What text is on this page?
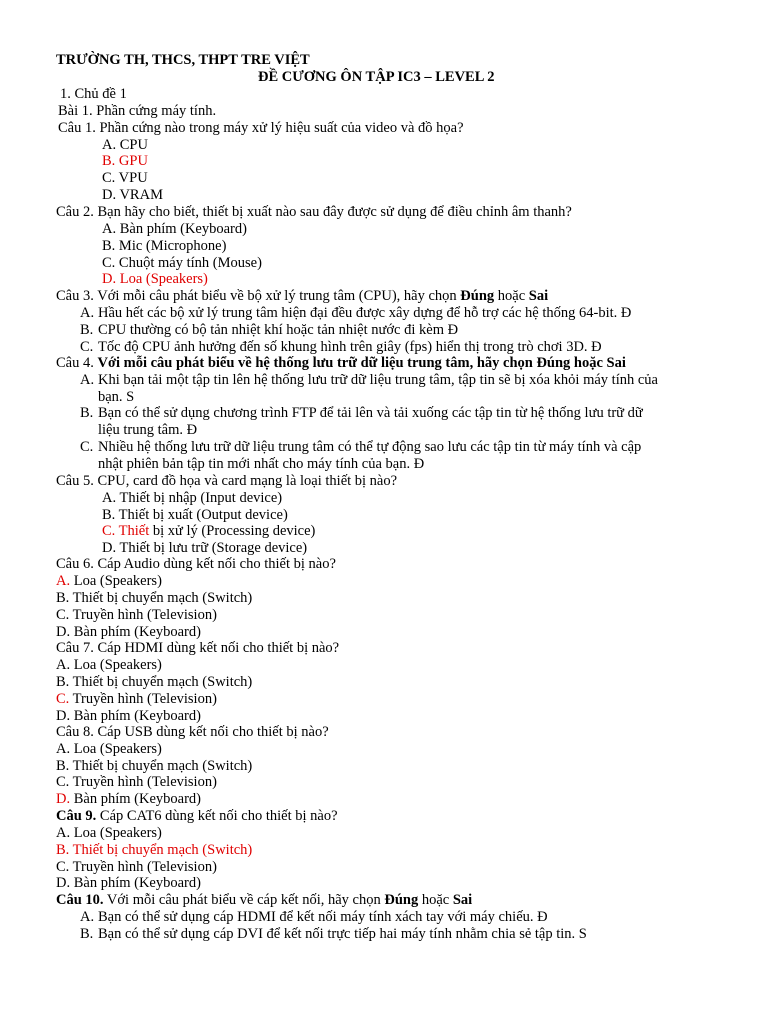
TRƯỜNG TH, THCS, THPT TRE VIỆT
ĐỀ CƯƠNG ÔN TẬP IC3 – LEVEL 2
1. Chủ đề 1
Bài 1. Phần cứng máy tính.
Câu 1. Phần cứng nào trong máy xử lý hiệu suất của video và đồ họa?
A. CPU
B. GPU
C. VPU
D. VRAM
Câu 2. Bạn hãy cho biết, thiết bị xuất nào sau đây được sử dụng để điều chỉnh âm thanh?
A. Bàn phím (Keyboard)
B. Mic (Microphone)
C. Chuột máy tính (Mouse)
D. Loa (Speakers)
Câu 3. Với mỗi câu phát biểu về bộ xử lý trung tâm (CPU), hãy chọn Đúng hoặc Sai
A. Hầu hết các bộ xử lý trung tâm hiện đại đều được xây dựng để hỗ trợ các hệ thống 64-bit. Đ
B. CPU thường có bộ tản nhiệt khí hoặc tản nhiệt nước đi kèm Đ
C. Tốc độ CPU ảnh hưởng đến số khung hình trên giây (fps) hiển thị trong trò chơi 3D. Đ
Câu 4. Với mỗi câu phát biểu về hệ thống lưu trữ dữ liệu trung tâm, hãy chọn Đúng hoặc Sai
A. Khi bạn tải một tập tin lên hệ thống lưu trữ dữ liệu trung tâm, tập tin sẽ bị xóa khỏi máy tính của
bạn. S
B. Bạn có thể sử dụng chương trình FTP để tải lên và tải xuống các tập tin từ hệ thống lưu trữ dữ
liệu trung tâm. Đ
C. Nhiều hệ thống lưu trữ dữ liệu trung tâm có thể tự động sao lưu các tập tin từ máy tính và cập
nhật phiên bản tập tin mới nhất cho máy tính của bạn. Đ
Câu 5. CPU, card đồ họa và card mạng là loại thiết bị nào?
A. Thiết bị nhập (Input device)
B. Thiết bị xuất (Output device)
C. Thiết bị xử lý (Processing device)
D. Thiết bị lưu trữ (Storage device)
Câu 6. Cáp Audio dùng kết nối cho thiết bị nào?
A. Loa (Speakers)
B. Thiết bị chuyển mạch (Switch)
C. Truyền hình (Television)
D. Bàn phím (Keyboard)
Câu 7. Cáp HDMI dùng kết nối cho thiết bị nào?
A. Loa (Speakers)
B. Thiết bị chuyển mạch (Switch)
C. Truyền hình (Television)
D. Bàn phím (Keyboard)
Câu 8. Cáp USB dùng kết nối cho thiết bị nào?
A. Loa (Speakers)
B. Thiết bị chuyển mạch (Switch)
C. Truyền hình (Television)
D. Bàn phím (Keyboard)
Câu 9. Cáp CAT6 dùng kết nối cho thiết bị nào?
A. Loa (Speakers)
B. Thiết bị chuyển mạch (Switch)
C. Truyền hình (Television)
D. Bàn phím (Keyboard)
Câu 10. Với mỗi câu phát biểu về cáp kết nối, hãy chọn Đúng hoặc Sai
A. Bạn có thể sử dụng cáp HDMI để kết nối máy tính xách tay với máy chiếu. Đ
B. Bạn có thể sử dụng cáp DVI để kết nối trực tiếp hai máy tính nhằm chia sẻ tập tin. S
